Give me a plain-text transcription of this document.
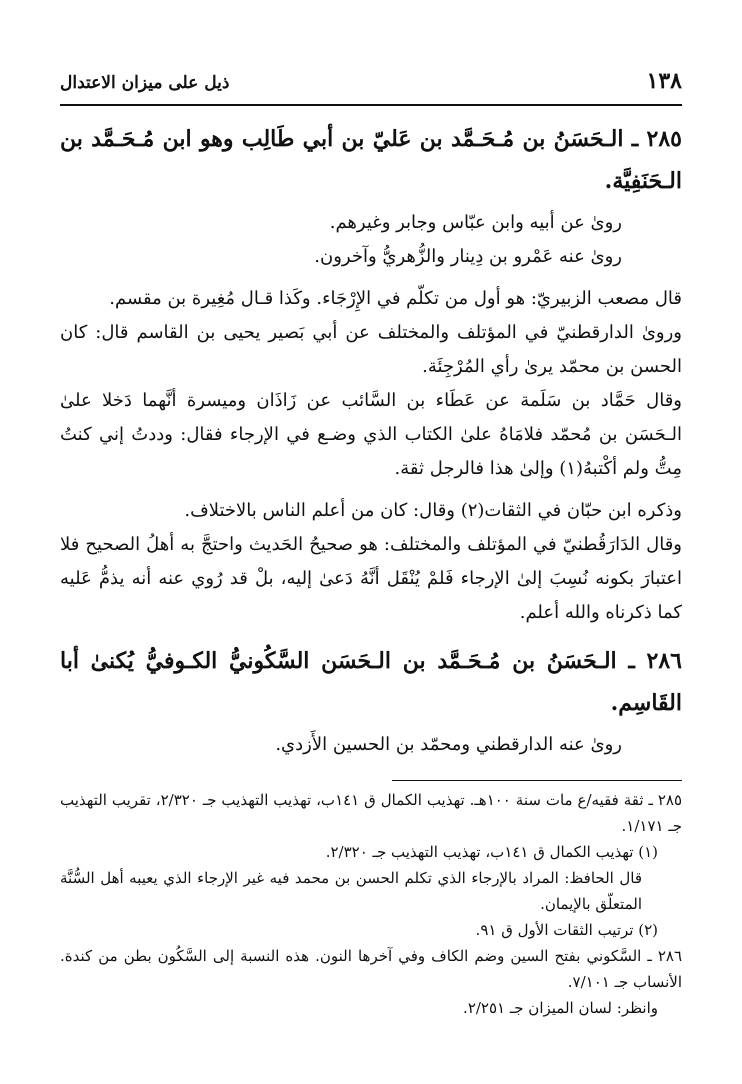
١٣٨
ذيل على ميزان الاعتدال
٢٨٥ ـ الـحَسَنُ بن مُـحَـمَّد بن عَليّ بن أبي طَالِب وهو ابن مُـحَـمَّد بن الـحَنَفِيَّة.

رویٰ عن أبيه وابن عبّاس وجابر وغيرهم.

روىٰ عنه عَمْرو بن دِينار والزُّهريُّ وآخرون.

قال مصعب الزبيريّ: هو أول من تكلّم في الإِرْجَاء. وكَذا قـال مُغِيرة بن مقسم.

ورویٰ الدارقطنيّ في المؤتلف والمختلف عن أبي بَصير يحيى بن القاسم قال: كان الحسن بن محمّد يرىٰ رأي المُرْجِئَة.

وقال حَمَّاد بن سَلَمة عن عَطَاء بن السَّائب عن زَاذَان وميسرة أنَّهما دَخلا علىٰ الـحَسَن بن مُحمّد فلامَاهُ علىٰ الكتاب الذي وضـع في الإرجاء فقال: وددتُ إني كنتُ مِتُّ ولم أكْتبهُ(١) وإلىٰ هذا فالرجل ثقة.

وذكره ابن حبّان في الثقات(٢) وقال: كان من أعلم الناس بالاختلاف.

وقال الدَارَقُطنيّ في المؤتلف والمختلف: هو صحيحُ الحَديث واحتجَّ به أهلُ الصحيح فلا اعتبارَ بكونه نُسِبَ إلىٰ الإرجاء فَلمْ يُنْقَل أنَّهُ دَعىٰ إليه، بلْ قد رُوي عنه أنه يذمُّ عَليه كما ذكرناه والله أعلم.

٢٨٦ ـ الـحَسَنُ بن مُـحَـمَّد بن الـحَسَن السَّكُونيُّ الكـوفيُّ يُكنىٰ أبا القَاسِم.

روىٰ عنه الدارقطني ومحمّد بن الحسين الأَزدي.

٢٨٥ ـ ثقة فقيه/ع مات سنة ١٠٠هـ. تهذيب الكمال ق ١٤١ب، تهذيب التهذيب جـ ٢/٣٢٠، تقريب التهذيب جـ ١/١٧١.

(١) تهذيب الكمال ق ١٤١ب، تهذيب التهذيب جـ ٢/٣٢٠.

قال الحافظ: المراد بالإرجاء الذي تكلم الحسن بن محمد فيه غير الإرجاء الذي يعيبه أهل السُّنَّة المتعلّق بالإيمان.

(٢) ترتيب الثقات الأول ق ٩١.

٢٨٦ ـ السَّكوني بفتح السين وضم الكاف وفي آخرها النون. هذه النسبة إلى السَّكُون بطن من كندة. الأنساب جـ ٧/١٠١.

وانظر: لسان الميزان جـ ٢/٢٥١.
